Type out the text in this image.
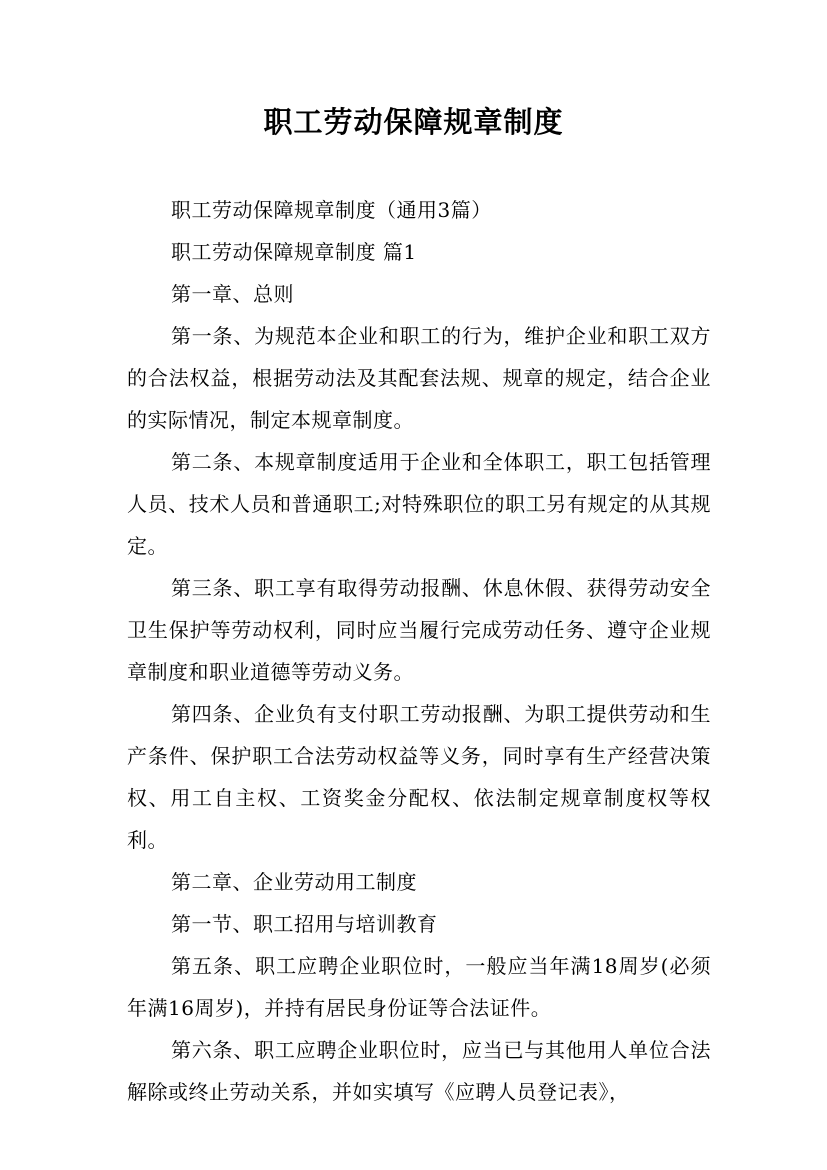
职工劳动保障规章制度

职工劳动保障规章制度（通用3篇）

职工劳动保障规章制度 篇1

第一章、总则

第一条、为规范本企业和职工的行为，维护企业和职工双方的合法权益，根据劳动法及其配套法规、规章的规定，结合企业的实际情况，制定本规章制度。

第二条、本规章制度适用于企业和全体职工，职工包括管理人员、技术人员和普通职工;对特殊职位的职工另有规定的从其规定。

第三条、职工享有取得劳动报酬、休息休假、获得劳动安全卫生保护等劳动权利，同时应当履行完成劳动任务、遵守企业规章制度和职业道德等劳动义务。

第四条、企业负有支付职工劳动报酬、为职工提供劳动和生产条件、保护职工合法劳动权益等义务，同时享有生产经营决策权、用工自主权、工资奖金分配权、依法制定规章制度权等权利。

第二章、企业劳动用工制度

第一节、职工招用与培训教育

第五条、职工应聘企业职位时，一般应当年满18周岁(必须年满16周岁)，并持有居民身份证等合法证件。

第六条、职工应聘企业职位时，应当已与其他用人单位合法解除或终止劳动关系，并如实填写《应聘人员登记表》，
